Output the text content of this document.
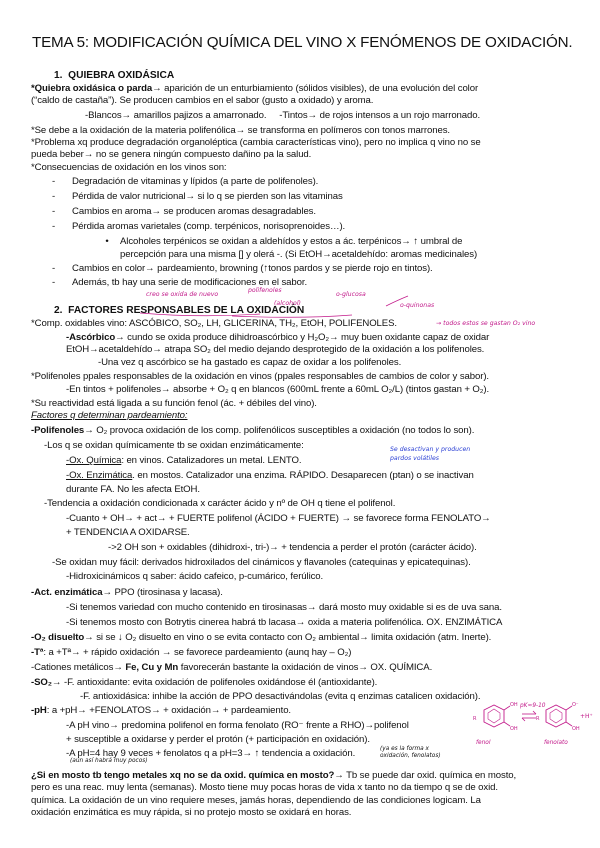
TEMA 5: MODIFICACIÓN QUÍMICA DEL VINO X FENÓMENOS DE OXIDACIÓN.
1.  QUIEBRA OXIDÁSICA
*Quiebra oxidásica o parda→ aparición de un enturbiamiento (sólidos visibles), de una evolución del color
(“caldo de castaña”). Se producen cambios en el sabor (gusto a oxidado) y aroma.
-Blancos→ amarillos pajizos a amarronado.     -Tintos→ de rojos intensos a un rojo marronado.
*Se debe a la oxidación de la materia polifenólica→ se transforma en polímeros con tonos marrones.
*Problema xq produce degradación organoléptica (cambia características vino), pero no implica q vino no se
pueda beber→ no se genera ningún compuesto dañino pa la salud.
*Consecuencias de oxidación en los vinos son:
- Degradación de vitaminas y lípidos (a parte de polifenoles).
- Pérdida de valor nutricional→ si lo q se pierden son las vitaminas
- Cambios en aroma→ se producen aromas desagradables.
- Pérdida aromas varietales (comp. terpénicos, norisoprenoides…).
• Alcoholes terpénicos se oxidan a aldehídos y estos a ác. terpénicos→ ↑ umbral de
percepción para una misma [] y olerá -. (Si EtOH→acetaldehído: aromas medicinales)
- Cambios en color→ pardeamiento, browning (↑tonos pardos y se pierde rojo en tintos).
- Además, tb hay una serie de modificaciones en el sabor.
creo se oxida de nuevo
polifenoles
o-glucosa
(alcohol)	o-quinonas
2.  FACTORES RESPONSABLES DE LA OXIDACIÓN
*Comp. oxidables vino: ASCÓBICO, SO₂, LH, GLICERINA, TH₂, EtOH, POLIFENOLES.	→ todos estos se gastan O₂ vino
-Ascórbico→ cundo se oxida produce dihidroascórbico y H₂O₂→ muy buen oxidante capaz de oxidar
EtOH→acetaldehído→ atrapa SO₂ del medio dejando desprotegido de la oxidación a los polifenoles.
-Una vez q ascórbico se ha gastado es capaz de oxidar a los polifenoles.
*Polifenoles ppales responsables de la oxidación en vinos (ppales responsables de cambios de color y sabor).
-En tintos + polifenoles→ absorbe + O₂ q en blancos (600mL frente a 60mL O₂/L) (tintos gastan + O₂).
*Su reactividad está ligada a su función fenol (ác. + débiles del vino).
Factores q determinan pardeamiento:
-Polifenoles→ O₂ provoca oxidación de los comp. polifenólicos susceptibles a oxidación (no todos lo son).
-Los q se oxidan químicamente tb se oxidan enzimáticamente:	Se desactivan y producen
pardos volátiles
-Ox. Química: en vinos. Catalizadores un metal. LENTO.
-Ox. Enzimática. en mostos. Catalizador una enzima. RÁPIDO. Desaparecen (ptan) o se inactivan
durante FA. No les afecta EtOH.
-Tendencia a oxidación condicionada x carácter ácido y nº de OH q tiene el polifenol.
-Cuanto + OH→ + act→ + FUERTE polifenol (ÁCIDO + FUERTE) → se favorece forma FENOLATO→
+ TENDENCIA A OXIDARSE.
->2 OH son + oxidables (dihidroxi-, tri-)→ + tendencia a perder el protón (carácter ácido).
-Se oxidan muy fácil: derivados hidroxilados del cinámicos y flavanoles (catequinas y epicatequinas).
-Hidroxicinámicos q saber: ácido cafeico, p-cumárico, ferúlico.
-Act. enzimática→ PPO (tirosinasa y lacasa).
-Si tenemos variedad con mucho contenido en tirosinasas→ dará mosto muy oxidable si es de uva sana.
-Si tenemos mosto con Botrytis cinerea habrá tb lacasa→ oxida a materia polifenólica. OX. ENZIMÁTICA
-O₂ disuelto→ si se ↓ O₂ disuelto en vino o se evita contacto con O₂ ambiental→ limita oxidación (atm. Inerte).
-Tª: a +Tª→ + rápido oxidación → se favorece pardeamiento (aunq hay – O₂)
-Cationes metálicos→ Fe, Cu y Mn favorecerán bastante la oxidación de vinos→ OX. QUÍMICA.
-SO₂→ -F. antioxidante: evita oxidación de polifenoles oxidándose él (antioxidante).
-F. antioxidásica: inhibe la acción de PPO desactivándolas (evita q enzimas catalicen oxidación).
-pH: a +pH→ +FENOLATOS→ + oxidación→ + pardeamiento.
-A pH vino→ predomina polifenol en forma fenolato (RO⁻ frente a RHO)→polifenol
+ susceptible a oxidarse y perder el protón (+ participación en oxidación).
-A pH=4 hay 9 veces + fenolatos q a pH=3→ ↑ tendencia a oxidación.	(ya es la forma x
oxidación, fenolatos)
(aún así habrá muy pocos)
¿Si en mosto tb tengo metales xq no se da oxid. química en mosto?→ Tb se puede dar oxid. química en mosto,
pero es una reac. muy lenta (semanas). Mosto tiene muy pocas horas de vida x tanto no da tiempo q se de oxid.
química. La oxidación de un vino requiere meses, jamás horas, dependiendo de las condiciones logicam. La
oxidación enzimática es muy rápida, si no protejo mosto se oxidará en horas.
pK≈9-10
fenol	fenolato
OH
OH
R
O⁻
OH
+H⁺
R
